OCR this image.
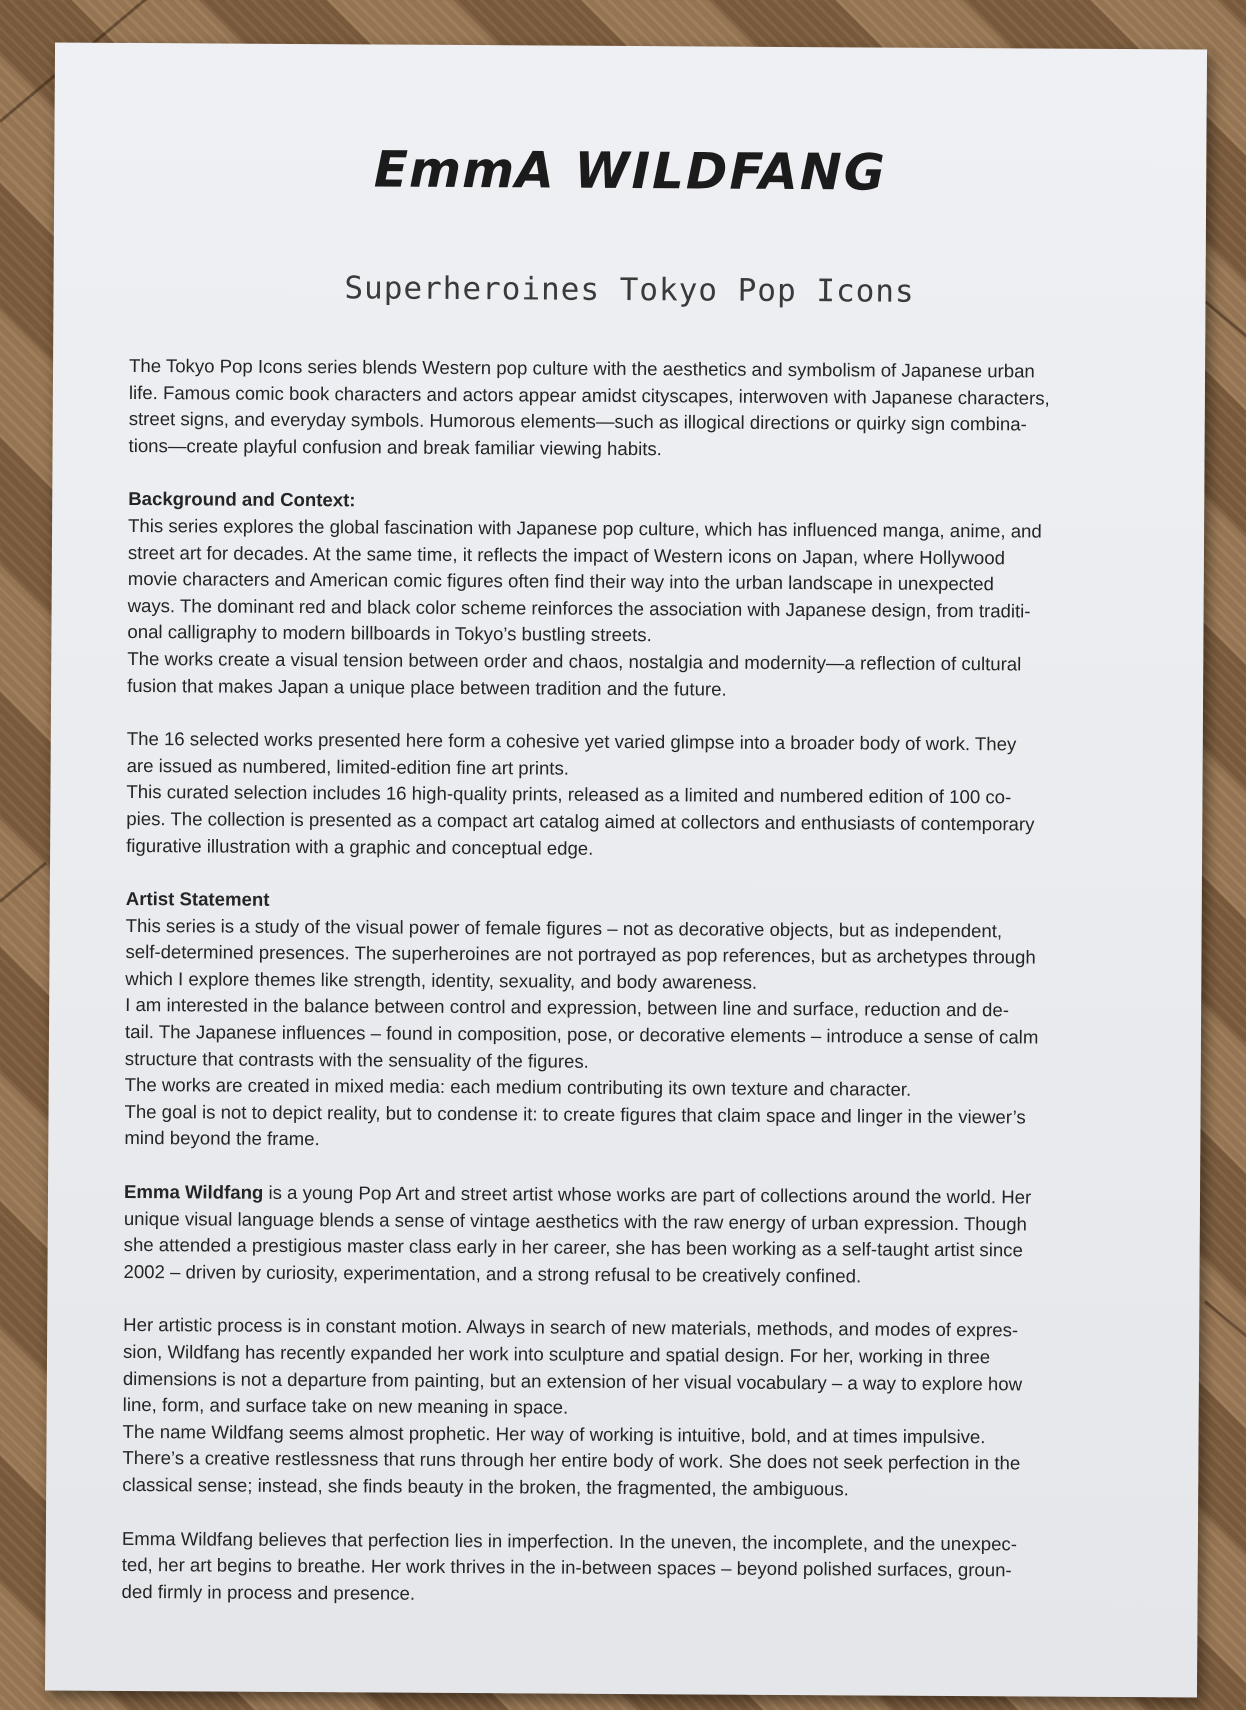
EmmA WILDFANG
Superheroines Tokyo Pop Icons

The Tokyo Pop Icons series blends Western pop culture with the aesthetics and symbolism of Japanese urban
life. Famous comic book characters and actors appear amidst cityscapes, interwoven with Japanese characters,
street signs, and everyday symbols. Humorous elements—such as illogical directions or quirky sign combina-
tions—create playful confusion and break familiar viewing habits.

Background and Context:
This series explores the global fascination with Japanese pop culture, which has influenced manga, anime, and
street art for decades. At the same time, it reflects the impact of Western icons on Japan, where Hollywood
movie characters and American comic figures often find their way into the urban landscape in unexpected
ways. The dominant red and black color scheme reinforces the association with Japanese design, from traditi-
onal calligraphy to modern billboards in Tokyo’s bustling streets.
The works create a visual tension between order and chaos, nostalgia and modernity—a reflection of cultural
fusion that makes Japan a unique place between tradition and the future.

The 16 selected works presented here form a cohesive yet varied glimpse into a broader body of work. They
are issued as numbered, limited-edition fine art prints.
This curated selection includes 16 high-quality prints, released as a limited and numbered edition of 100 co-
pies. The collection is presented as a compact art catalog aimed at collectors and enthusiasts of contemporary
figurative illustration with a graphic and conceptual edge.

Artist Statement
This series is a study of the visual power of female figures – not as decorative objects, but as independent,
self-determined presences. The superheroines are not portrayed as pop references, but as archetypes through
which I explore themes like strength, identity, sexuality, and body awareness.
I am interested in the balance between control and expression, between line and surface, reduction and de-
tail. The Japanese influences – found in composition, pose, or decorative elements – introduce a sense of calm
structure that contrasts with the sensuality of the figures.
The works are created in mixed media: each medium contributing its own texture and character.
The goal is not to depict reality, but to condense it: to create figures that claim space and linger in the viewer’s
mind beyond the frame.

Emma Wildfang is a young Pop Art and street artist whose works are part of collections around the world. Her
unique visual language blends a sense of vintage aesthetics with the raw energy of urban expression. Though
she attended a prestigious master class early in her career, she has been working as a self-taught artist since
2002 – driven by curiosity, experimentation, and a strong refusal to be creatively confined.

Her artistic process is in constant motion. Always in search of new materials, methods, and modes of expres-
sion, Wildfang has recently expanded her work into sculpture and spatial design. For her, working in three
dimensions is not a departure from painting, but an extension of her visual vocabulary – a way to explore how
line, form, and surface take on new meaning in space.
The name Wildfang seems almost prophetic. Her way of working is intuitive, bold, and at times impulsive.
There’s a creative restlessness that runs through her entire body of work. She does not seek perfection in the
classical sense; instead, she finds beauty in the broken, the fragmented, the ambiguous.

Emma Wildfang believes that perfection lies in imperfection. In the uneven, the incomplete, and the unexpec-
ted, her art begins to breathe. Her work thrives in the in-between spaces – beyond polished surfaces, groun-
ded firmly in process and presence.
